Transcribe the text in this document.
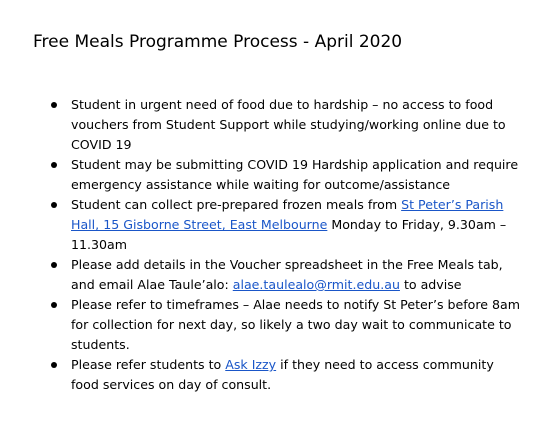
Free Meals Programme Process - April 2020
Student in urgent need of food due to hardship – no access to food vouchers from Student Support while studying/working online due to COVID 19
Student may be submitting COVID 19 Hardship application and require emergency assistance while waiting for outcome/assistance
Student can collect pre-prepared frozen meals from St Peter’s Parish Hall, 15 Gisborne Street, East Melbourne Monday to Friday, 9.30am – 11.30am
Please add details in the Voucher spreadsheet in the Free Meals tab, and email Alae Taule’alo: alae.taulealo@rmit.edu.au to advise
Please refer to timeframes – Alae needs to notify St Peter’s before 8am for collection for next day, so likely a two day wait to communicate to students.
Please refer students to Ask Izzy if they need to access community food services on day of consult.
